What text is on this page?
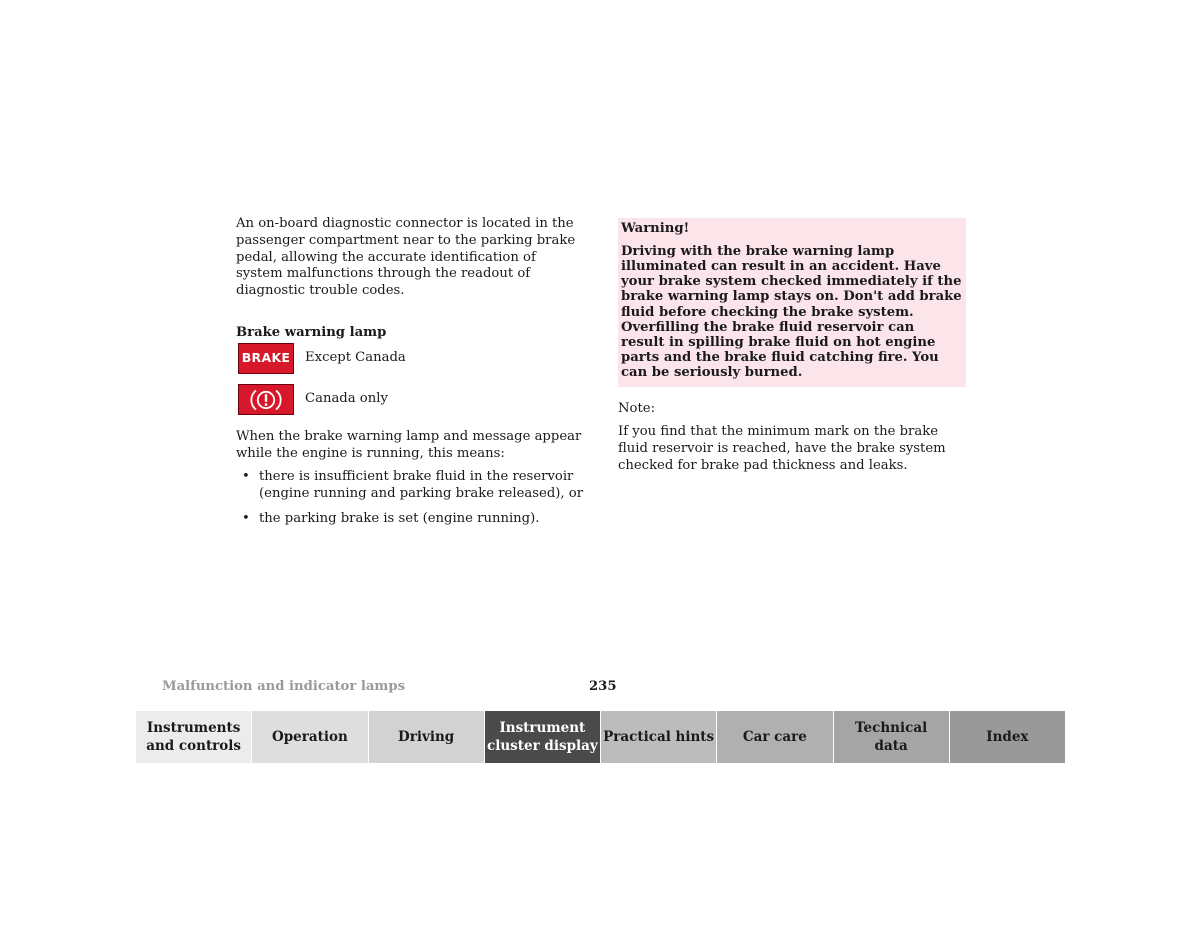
An on-board diagnostic connector is located in the passenger compartment near to the parking brake pedal, allowing the accurate identification of system malfunctions through the readout of diagnostic trouble codes.

Brake warning lamp

BRAKE Except Canada
Canada only

When the brake warning lamp and message appear while the engine is running, this means:

• there is insufficient brake fluid in the reservoir (engine running and parking brake released), or
• the parking brake is set (engine running).

Warning!

Driving with the brake warning lamp illuminated can result in an accident. Have your brake system checked immediately if the brake warning lamp stays on. Don't add brake fluid before checking the brake system. Overfilling the brake fluid reservoir can result in spilling brake fluid on hot engine parts and the brake fluid catching fire. You can be seriously burned.

Note:

If you find that the minimum mark on the brake fluid reservoir is reached, have the brake system checked for brake pad thickness and leaks.

Malfunction and indicator lamps	235
Instruments
and controls
Operation	Driving
Instrument
cluster display
Practical hints	Car care
Technical
data
Index
